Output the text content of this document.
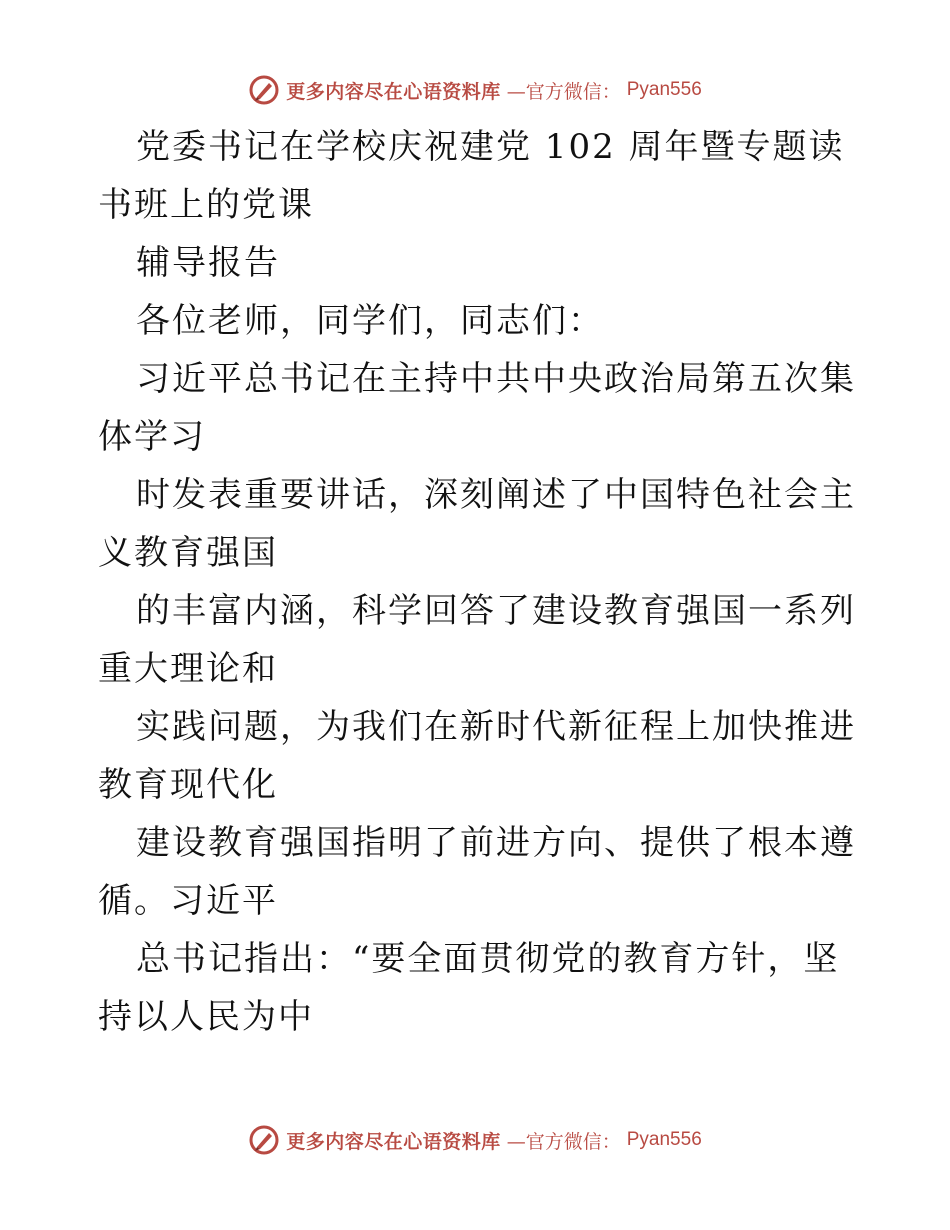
更多内容尽在心语资料库 —官方微信： Pyan556

党委书记在学校庆祝建党 102 周年暨专题读书班上的党课

辅导报告

各位老师，同学们，同志们：

习近平总书记在主持中共中央政治局第五次集体学习

时发表重要讲话，深刻阐述了中国特色社会主义教育强国

的丰富内涵，科学回答了建设教育强国一系列重大理论和

实践问题，为我们在新时代新征程上加快推进教育现代化

建设教育强国指明了前进方向、提供了根本遵循。习近平

总书记指出：“要全面贯彻党的教育方针，坚持以人民为中

更多内容尽在心语资料库 —官方微信： Pyan556
